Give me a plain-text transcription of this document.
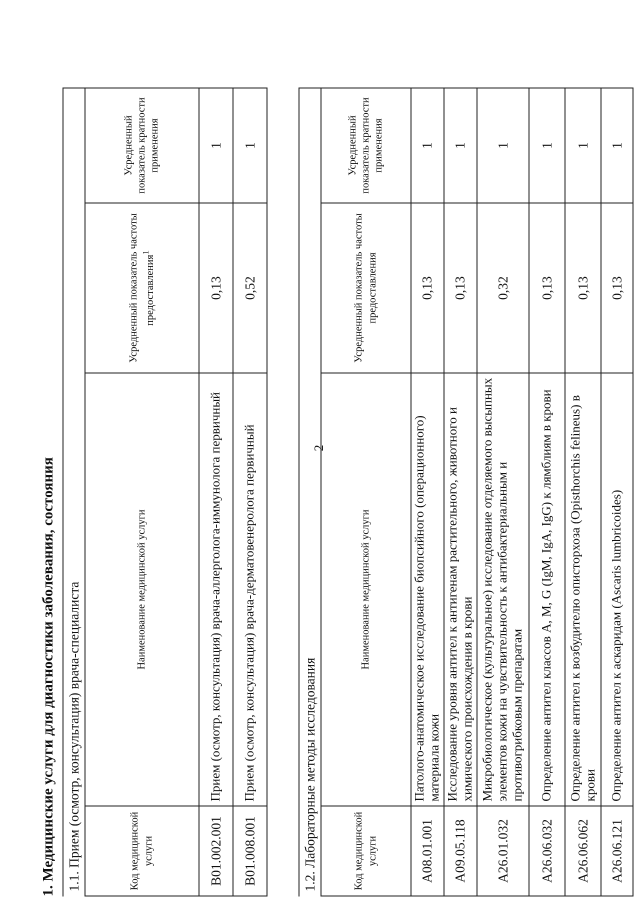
2
1. Медицинские услуги для диагностики заболевания, состояния 1.1. Прием (осмотр, консультация) врача-специалиста			
Код медицинской услуги	Наименование медицинской услуги	Усредненный показатель частоты предоставления$^1$	Усредненный показатель кратности применения
B01.002.001	Прием (осмотр, консультация) врача-аллерголога-иммунолога первичный	0,13	1
B01.008.001	Прием (осмотр, консультация) врача-дерматовенеролога первичный	0,52	1
1.2. Лабораторные методы исследования			
Код медицинской услуги	Наименование медицинской услуги	Усредненный показатель частоты предоставления	Усредненный показатель кратности применения
A08.01.001	Патолого-анатомическое исследование биопсийного (операционного) материала кожи	0,13	1
A09.05.118	Исследование уровня антител к антигенам растительного, животного и химического происхождения в крови	0,13	1
A26.01.032	Микробиологическое (культуральное) исследование отделяемого высыпных элементов кожи на чувствительность к антибактериальным и противогрибковым препаратам	0,32	1
A26.06.032	Определение антител классов A, M, G (IgM, IgA, IgG) к лямблиям в крови	0,13	1
A26.06.062	Определение антител к возбудителю описторхоза (Opisthorchis felineus) в крови	0,13	1
A26.06.121	Определение антител к аскаридам (Ascaris lumbricoides)	0,13	1
